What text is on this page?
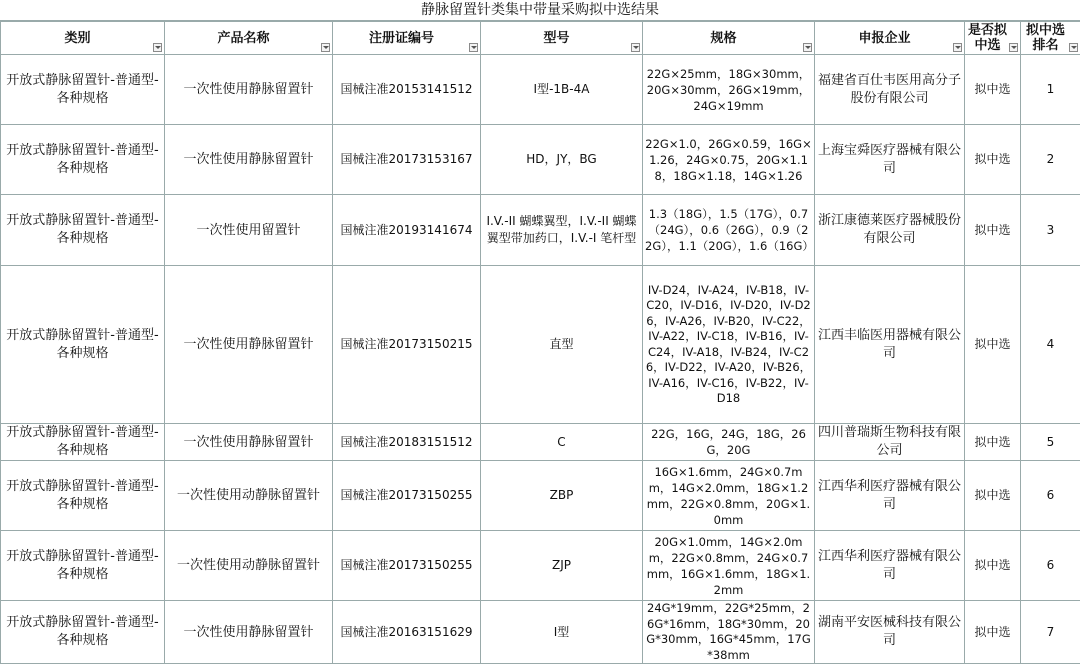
静脉留置针类集中带量采购拟中选结果
类别	产品名称	注册证编号	型号	规格	申报企业	是否拟中选	拟中选排名

开放式静脉留置针-普通型-各种规格	一次性使用静脉留置针	国械注准20153141512	I型-1B-4A	22G×25mm，18G×30mm，20G×30mm，26G×19mm，24G×19mm	福建省百仕韦医用高分子股份有限公司	拟中选	1
开放式静脉留置针-普通型-各种规格	一次性使用静脉留置针	国械注准20173153167	HD，JY，BG	22G×1.0，26G×0.59，16G×1.26，24G×0.75，20G×1.18，18G×1.18，14G×1.26	上海宝舜医疗器械有限公司	拟中选	2
开放式静脉留置针-普通型-各种规格	一次性使用留置针	国械注准20193141674	I.V.-II 蝴蝶翼型，I.V.-II 蝴蝶翼型带加药口，I.V.-I 笔杆型	1.3（18G），1.5（17G），0.7（24G），0.6（26G），0.9（22G），1.1（20G），1.6（16G）	浙江康德莱医疗器械股份有限公司	拟中选	3
开放式静脉留置针-普通型-各种规格	一次性使用静脉留置针	国械注准20173150215	直型	IV-D24，IV-A24，IV-B18，IV-C20，IV-D16，IV-D20，IV-D26，IV-A26，IV-B20，IV-C22，IV-A22，IV-C18，IV-B16，IV-C24，IV-A18，IV-B24，IV-C26，IV-D22，IV-A20，IV-B26，IV-A16，IV-C16，IV-B22，IV-D18	江西丰临医用器械有限公司	拟中选	4
开放式静脉留置针-普通型-各种规格	一次性使用静脉留置针	国械注准20183151512	C	22G，16G，24G，18G，26G，20G	四川普瑞斯生物科技有限公司	拟中选	5
开放式静脉留置针-普通型-各种规格	一次性使用动静脉留置针	国械注准20173150255	ZBP	16G×1.6mm，24G×0.7mm，14G×2.0mm，18G×1.2mm，22G×0.8mm，20G×1.0mm	江西华利医疗器械有限公司	拟中选	6
开放式静脉留置针-普通型-各种规格	一次性使用动静脉留置针	国械注准20173150255	ZJP	20G×1.0mm，14G×2.0mm，22G×0.8mm，24G×0.7mm，16G×1.6mm，18G×1.2mm	江西华利医疗器械有限公司	拟中选	6
开放式静脉留置针-普通型-各种规格	一次性使用静脉留置针	国械注准20163151629	I型	24G*19mm，22G*25mm，26G*16mm，18G*30mm，20G*30mm，16G*45mm，17G*38mm	湖南平安医械科技有限公司	拟中选	7
